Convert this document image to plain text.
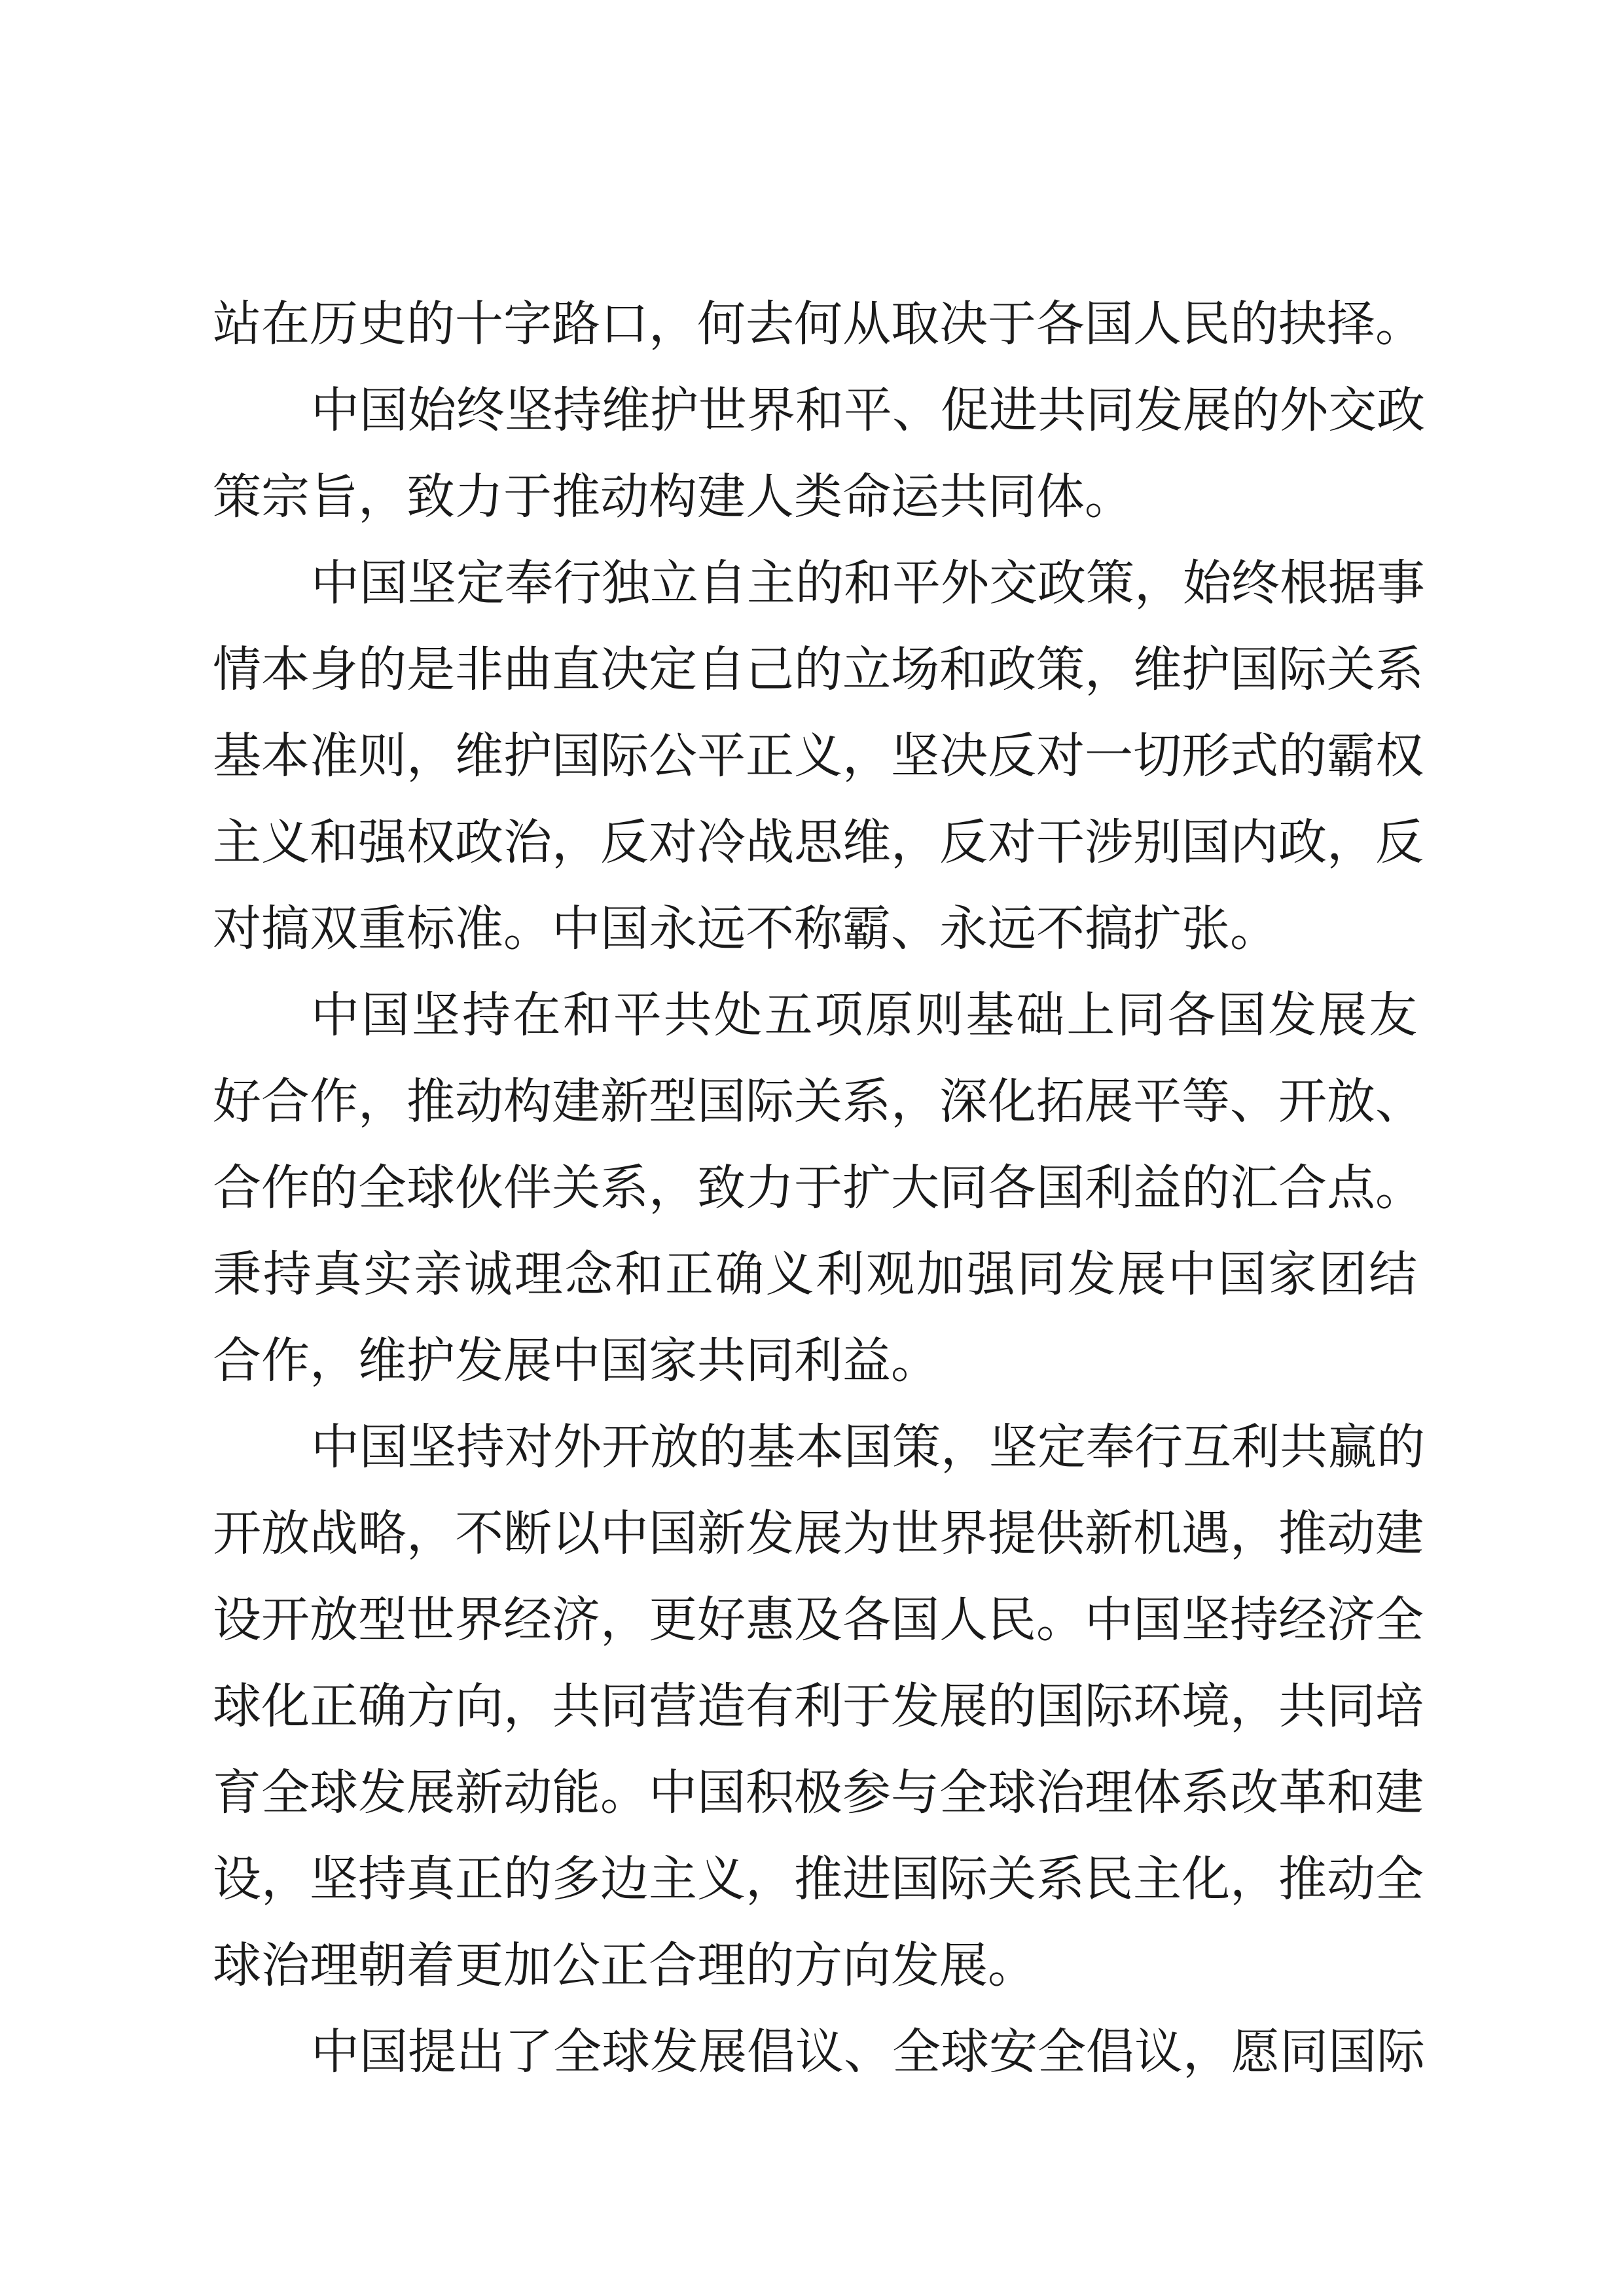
站在历史的十字路口，何去何从取决于各国人民的抉择。
中国始终坚持维护世界和平、促进共同发展的外交政
策宗旨，致力于推动构建人类命运共同体。
中国坚定奉行独立自主的和平外交政策，始终根据事
情本身的是非曲直决定自己的立场和政策，维护国际关系
基本准则，维护国际公平正义，坚决反对一切形式的霸权
主义和强权政治，反对冷战思维，反对干涉别国内政，反
对搞双重标准。中国永远不称霸、永远不搞扩张。
中国坚持在和平共处五项原则基础上同各国发展友
好合作，推动构建新型国际关系，深化拓展平等、开放、
合作的全球伙伴关系，致力于扩大同各国利益的汇合点。
秉持真实亲诚理念和正确义利观加强同发展中国家团结
合作，维护发展中国家共同利益。
中国坚持对外开放的基本国策，坚定奉行互利共赢的
开放战略，不断以中国新发展为世界提供新机遇，推动建
设开放型世界经济，更好惠及各国人民。中国坚持经济全
球化正确方向，共同营造有利于发展的国际环境，共同培
育全球发展新动能。中国积极参与全球治理体系改革和建
设，坚持真正的多边主义，推进国际关系民主化，推动全
球治理朝着更加公正合理的方向发展。
中国提出了全球发展倡议、全球安全倡议，愿同国际
